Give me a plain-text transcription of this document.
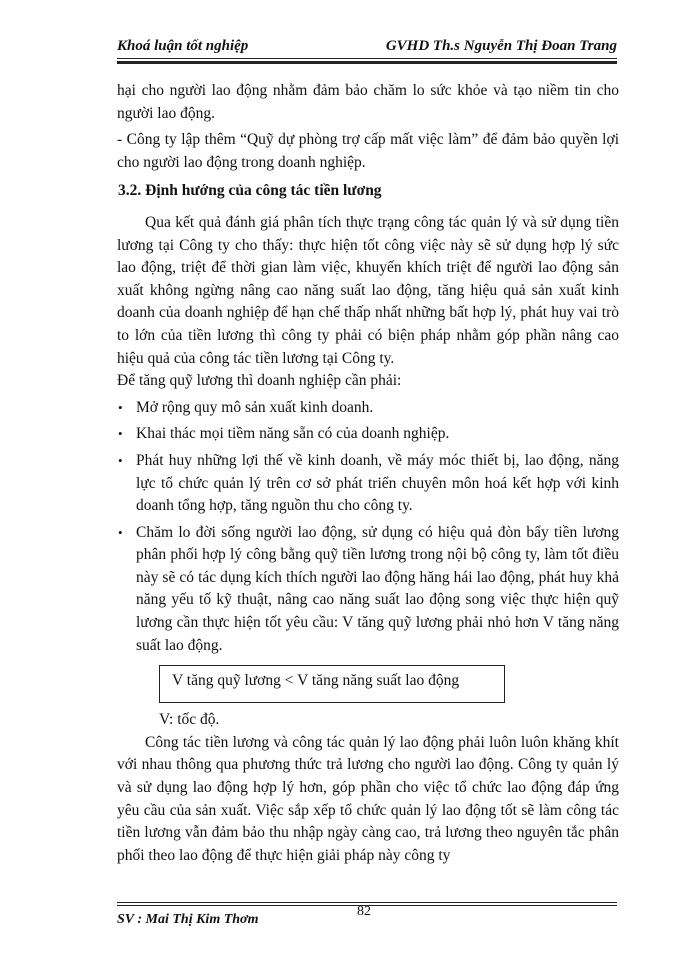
Khoá luận tốt nghiệp	GVHD Th.s Nguyễn Thị Đoan Trang

hại cho người lao động nhằm đảm bảo chăm lo sức khỏe và tạo niềm tin cho người lao động.

- Công ty lập thêm “Quỹ dự phòng trợ cấp mất việc làm” để đảm bảo quyền lợi cho người lao động trong doanh nghiệp.

3.2. Định hướng của công tác tiền lương

Qua kết quả đánh giá phân tích thực trạng công tác quản lý và sử dụng tiền lương tại Công ty cho thấy: thực hiện tốt công việc này sẽ sử dụng hợp lý sức lao động, triệt để thời gian làm việc, khuyến khích triệt để người lao động sản xuất không ngừng nâng cao năng suất lao động, tăng hiệu quả sản xuất kinh doanh của doanh nghiệp để hạn chế thấp nhất những bất hợp lý, phát huy vai trò to lớn của tiền lương thì công ty phải có biện pháp nhằm góp phần nâng cao hiệu quả của công tác tiền lương tại Công ty.

Để tăng quỹ lương thì doanh nghiệp cần phải:

• Mở rộng quy mô sản xuất kinh doanh.
• Khai thác mọi tiềm năng sẵn có của doanh nghiệp.
• Phát huy những lợi thế về kinh doanh, về máy móc thiết bị, lao động, năng lực tổ chức quản lý trên cơ sở phát triển chuyên môn hoá kết hợp với kinh doanh tổng hợp, tăng nguồn thu cho công ty.
• Chăm lo đời sống người lao động, sử dụng có hiệu quả đòn bẩy tiền lương phân phối hợp lý công bằng quỹ tiền lương trong nội bộ công ty, làm tốt điều này sẽ có tác dụng kích thích người lao động hăng hái lao động, phát huy khả năng yếu tố kỹ thuật, nâng cao năng suất lao động song việc thực hiện quỹ lương cần thực hiện tốt yêu cầu: V tăng quỹ lương phải nhỏ hơn V tăng năng suất lao động.
V tăng quỹ lương < V tăng năng suất lao động

V: tốc độ.

Công tác tiền lương và công tác quản lý lao động phải luôn luôn khăng khít với nhau thông qua phương thức trả lương cho người lao động. Công ty quản lý và sử dụng lao động hợp lý hơn, góp phần cho việc tổ chức lao động đáp ứng yêu cầu của sản xuất. Việc sắp xếp tổ chức quản lý lao động tốt sẽ làm công tác tiền lương vẫn đảm bảo thu nhập ngày càng cao, trả lương theo nguyên tắc phân phối theo lao động để thực hiện giải pháp này công ty

SV : Mai Thị Kim Thơm
82
